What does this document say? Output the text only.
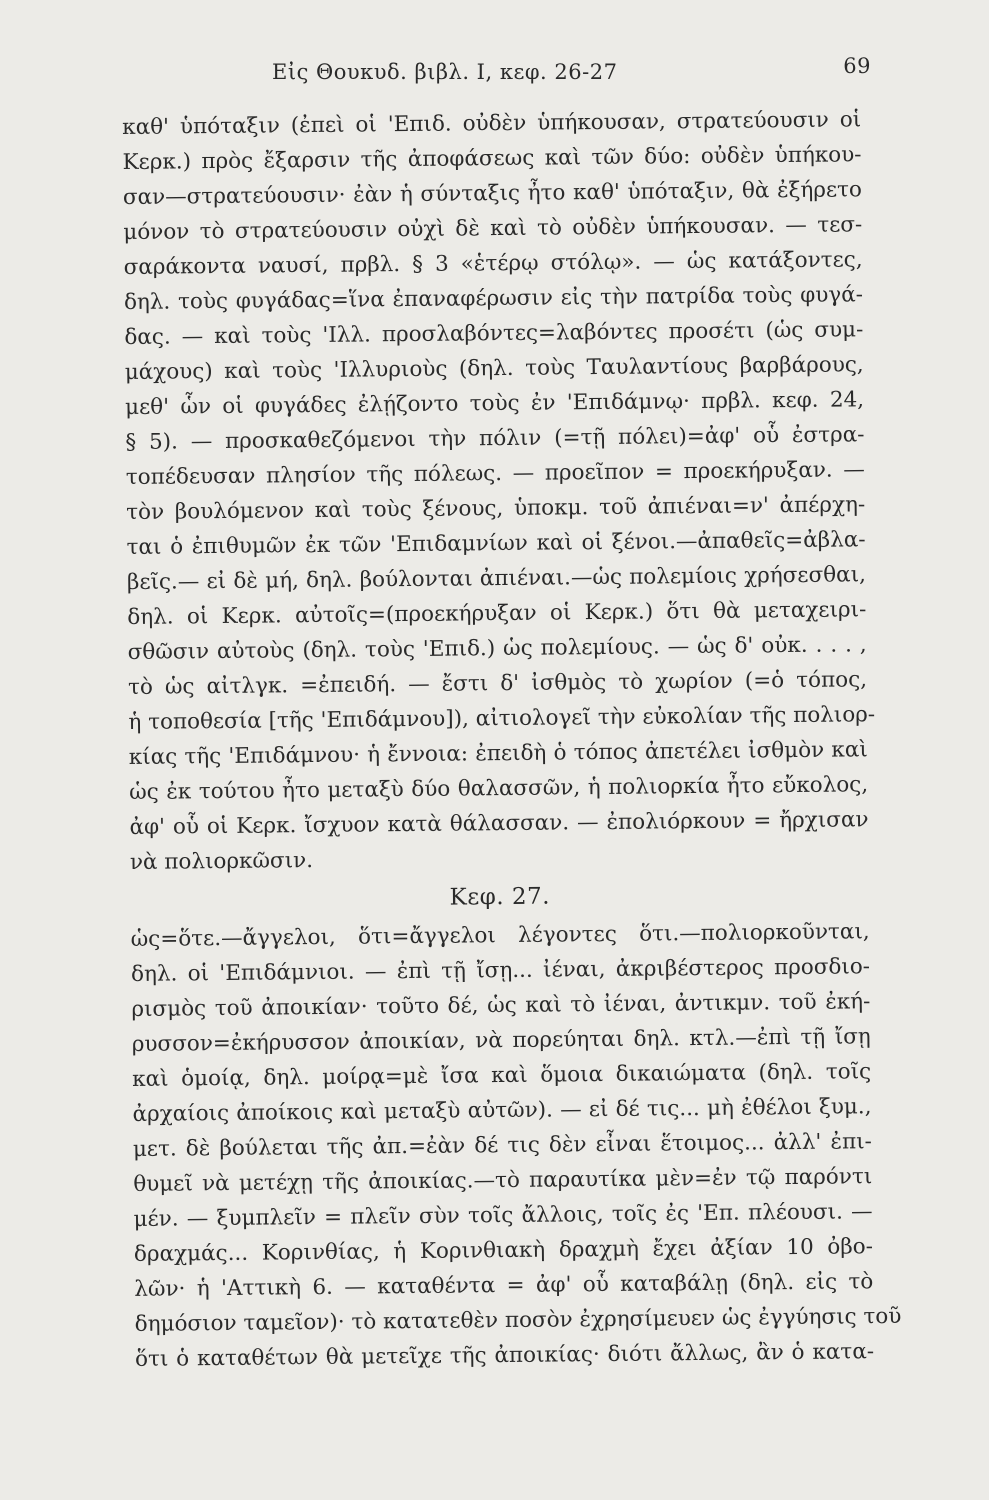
Εἰς Θουκυδ. βιβλ. Ι, κεφ. 26-27	69
καθ' ὑπόταξιν (ἐπεὶ οἱ 'Επιδ. οὐδὲν ὑπήκουσαν, στρατεύουσιν οἱ
Κερκ.) πρὸς ἔξαρσιν τῆς ἀποφάσεως καὶ τῶν δύο: οὐδὲν ὑπήκου-
σαν—στρατεύουσιν· ἐὰν ἡ σύνταξις ἦτο καθ' ὑπόταξιν, θὰ ἐξήρετο
μόνον τὸ στρατεύουσιν οὐχὶ δὲ καὶ τὸ οὐδὲν ὑπήκουσαν. — τεσ-
σαράκοντα ναυσί, πρβλ. § 3 «ἑτέρῳ στόλῳ». — ὡς κατάξοντες,
δηλ. τοὺς φυγάδας=ἵνα ἐπαναφέρωσιν εἰς τὴν πατρίδα τοὺς φυγά-
δας. — καὶ τοὺς 'Ιλλ. προσλαβόντες=λαβόντες προσέτι (ὡς συμ-
μάχους) καὶ τοὺς 'Ιλλυριοὺς (δηλ. τοὺς Ταυλαντίους βαρβάρους,
μεθ' ὧν οἱ φυγάδες ἐλῄζοντο τοὺς ἐν 'Επιδάμνῳ· πρβλ. κεφ. 24,
§ 5). — προσκαθεζόμενοι τὴν πόλιν (=τῇ πόλει)=ἀφ' οὗ ἐστρα-
τοπέδευσαν πλησίον τῆς πόλεως. — προεῖπον = προεκήρυξαν. —
τὸν βουλόμενον καὶ τοὺς ξένους, ὑποκμ. τοῦ ἀπιέναι=ν' ἀπέρχη-
ται ὁ ἐπιθυμῶν ἐκ τῶν 'Επιδαμνίων καὶ οἱ ξένοι.—ἀπαθεῖς=ἀβλα-
βεῖς.— εἰ δὲ μή, δηλ. βούλονται ἀπιέναι.—ὡς πολεμίοις χρήσεσθαι,
δηλ. οἱ Κερκ. αὐτοῖς=(προεκήρυξαν οἱ Κερκ.) ὅτι θὰ μεταχειρι-
σθῶσιν αὐτοὺς (δηλ. τοὺς 'Επιδ.) ὡς πολεμίους. — ὡς δ' οὐκ. . . . ,
τὸ ὡς αἰτλγκ. =ἐπειδή. — ἔστι δ' ἰσθμὸς τὸ χωρίον (=ὁ τόπος,
ἡ τοποθεσία [τῆς 'Επιδάμνου]), αἰτιολογεῖ τὴν εὐκολίαν τῆς πολιορ-
κίας τῆς 'Επιδάμνου· ἡ ἔννοια: ἐπειδὴ ὁ τόπος ἀπετέλει ἰσθμὸν καὶ
ὡς ἐκ τούτου ἦτο μεταξὺ δύο θαλασσῶν, ἡ πολιορκία ἦτο εὔκολος,
ἀφ' οὗ οἱ Κερκ. ἴσχυον κατὰ θάλασσαν. — ἐπολιόρκουν = ἤρχισαν
νὰ πολιορκῶσιν.
Κεφ. 27.
ὡς=ὅτε.—ἄγγελοι, ὅτι=ἄγγελοι λέγοντες ὅτι.—πολιορκοῦνται,
δηλ. οἱ 'Επιδάμνιοι. — ἐπὶ τῇ ἴσῃ... ἰέναι, ἀκριβέστερος προσδιο-
ρισμὸς τοῦ ἀποικίαν· τοῦτο δέ, ὡς καὶ τὸ ἰέναι, ἀντικμν. τοῦ ἐκή-
ρυσσον=ἐκήρυσσον ἀποικίαν, νὰ πορεύηται δηλ. κτλ.—ἐπὶ τῇ ἴσῃ
καὶ ὁμοίᾳ, δηλ. μοίρᾳ=μὲ ἴσα καὶ ὅμοια δικαιώματα (δηλ. τοῖς
ἀρχαίοις ἀποίκοις καὶ μεταξὺ αὐτῶν). — εἰ δέ τις... μὴ ἐθέλοι ξυμ.,
μετ. δὲ βούλεται τῆς ἀπ.=ἐὰν δέ τις δὲν εἶναι ἕτοιμος... ἀλλ' ἐπι-
θυμεῖ νὰ μετέχῃ τῆς ἀποικίας.—τὸ παραυτίκα μὲν=ἐν τῷ παρόντι
μέν. — ξυμπλεῖν = πλεῖν σὺν τοῖς ἄλλοις, τοῖς ἐς 'Επ. πλέουσι. —
δραχμάς... Κορινθίας, ἡ Κορινθιακὴ δραχμὴ ἔχει ἀξίαν 10 ὀβο-
λῶν· ἡ 'Αττικὴ 6. — καταθέντα = ἀφ' οὗ καταβάλῃ (δηλ. εἰς τὸ
δημόσιον ταμεῖον)· τὸ κατατεθὲν ποσὸν ἐχρησίμευεν ὡς ἐγγύησις τοῦ
ὅτι ὁ καταθέτων θὰ μετεῖχε τῆς ἀποικίας· διότι ἄλλως, ἂν ὁ κατα-
